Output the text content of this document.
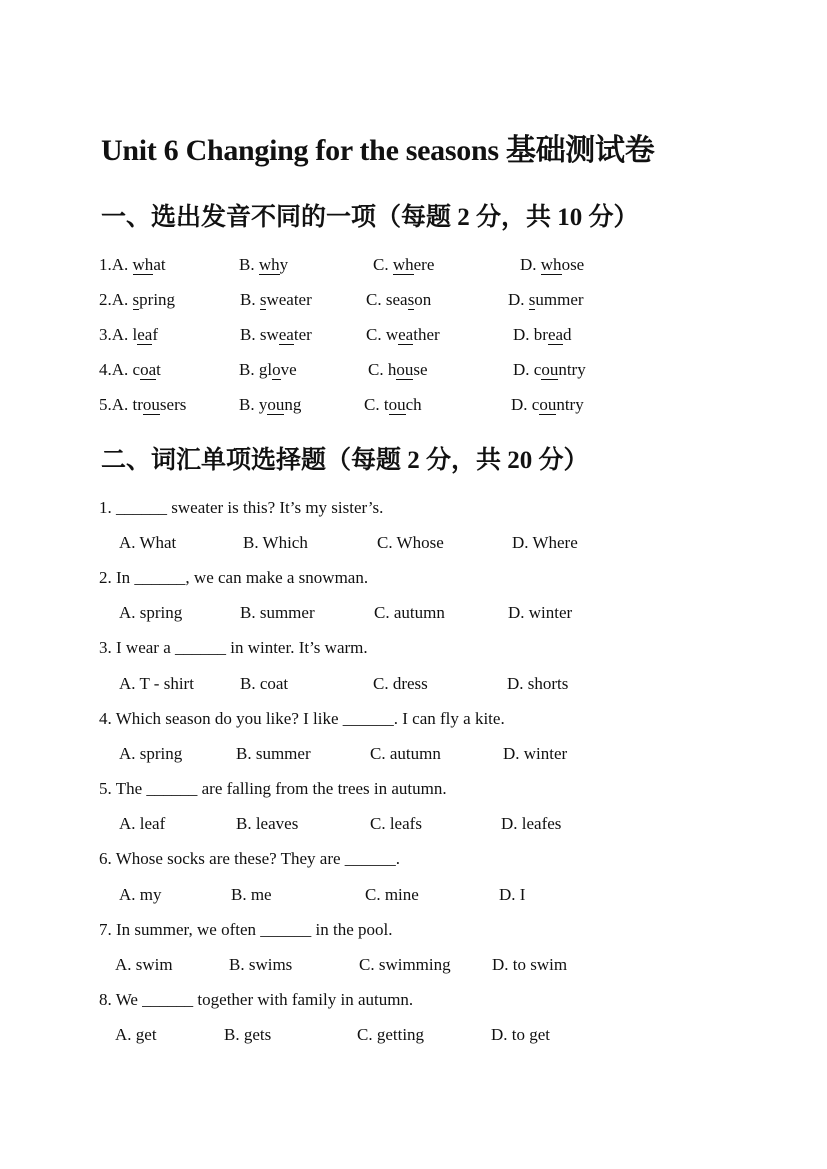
Unit 6 Changing for the seasons 基础测试卷
一、选出发音不同的一项（每题 2 分，共 10 分）
1.A. what	B. why	C. where	D. whose
2.A. spring	B. sweater	C. season	D. summer
3.A. leaf	B. sweater	C. weather	D. bread
4.A. coat	B. glove	C. house	D. country
5.A. trousers	B. young	C. touch	D. country
二、词汇单项选择题（每题 2 分，共 20 分）
1. ______ sweater is this? It’s my sister’s.
A. What	B. Which	C. Whose	D. Where
2. In ______, we can make a snowman.
A. spring	B. summer	C. autumn	D. winter
3. I wear a ______ in winter. It’s warm.
A. T - shirt	B. coat	C. dress	D. shorts
4. Which season do you like? I like ______. I can fly a kite.
A. spring	B. summer	C. autumn	D. winter
5. The ______ are falling from the trees in autumn.
A. leaf	B. leaves	C. leafs	D. leafes
6. Whose socks are these? They are ______.
A. my	B. me	C. mine	D. I
7. In summer, we often ______ in the pool.
A. swim	B. swims	C. swimming D. to swim
8. We ______ together with family in autumn.
A. get	B. gets	C. getting	D. to get
